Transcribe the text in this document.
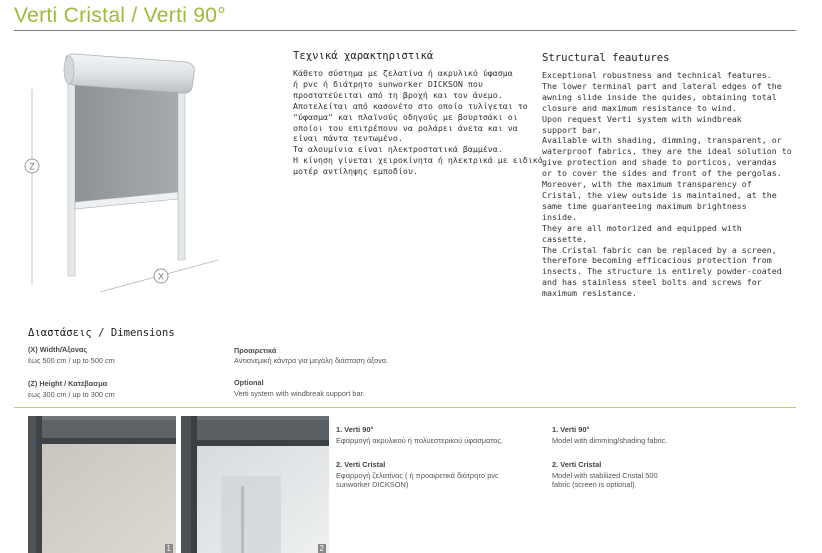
Verti Cristal / Verti 90°
Z
X
Τεχνικά χαρακτηριστικά
Κάθετο σύστημα με ζελατίνα ή ακρυλικό ύφασμα
ή pvc ή διάτρητο sunworker DICKSON που
προστατεύειται από τη βροχή και τον άνεμο.
Αποτελείται από κασονέτο στο οποίο τυλίγεται το
"ύφασμα" και πλαϊνούς οδηγούς με βουρτσάκι οι
οποίοι του επιτρέπουν να ρολάρει άνετα και να
είναι πάντα τεντωμένο.
Τα αλουμίνια είναι ηλεκτροστατικά βαμμένα.
Η κίνηση γίνεται χειροκίνητα ή ηλεκτρικά με ειδικό
μοτέρ αντίληψης εμποδίου.
Structural feautures
Exceptional robustness and technical features.
The lower terminal part and lateral edges of the
awning slide inside the quides, obtaining total
closure and maximum resistance to wind.
Upon request Verti system with windbreak
support bar.
Available with shading, dimming, transparent, or
waterproof fabrics, they are the ideal solution to
give protection and shade to porticos, verandas
or to cover the sides and front of the pergolas.
Moreover, with the maximum transparency of
Cristal, the view outside is maintained, at the
same time guaranteeing maximum brightness
inside.
They are all motorized and equipped with
cassette.
The Cristal fabric can be replaced by a screen,
therefore becoming efficacious protection from
insects. The structure is entirely powder-coated
and has stainless steel bolts and screws for
maximum resistance.
Διαστάσεις / Dimensions
(X) Width/Άξονας
έως 500 cm / up to 500 cm
(Z) Height / Κατέβασμα
έως 300 cm / up to 300 cm
Προαιρετικά
Αντιανεμική κάντρα για μεγάλη διάσταση άξονα.
Optional
Verti system with windbreak support bar.
1	2
1. Verti 90°
Εφαρμογή ακρυλικού ή πολυεστερικού ύφασματος.
2. Verti Cristal
Εφαρμογή ζελατίνας ( ή προαιρετικά διάτρητο pvc
sunworker DICKSON)
1. Verti 90°
Model with dimming/shading fabric.
2. Verti Cristal
Model with stabilized Cristal 500
fabric (screen is optional).
